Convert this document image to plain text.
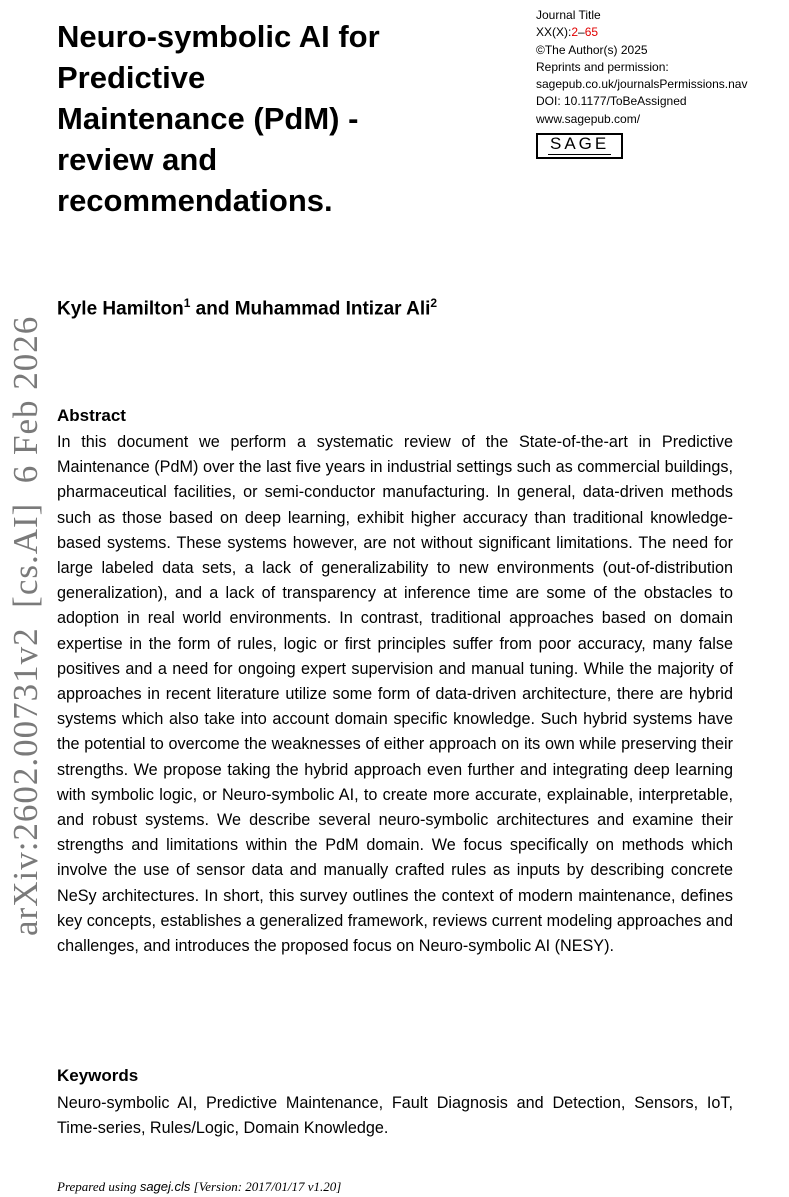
arXiv:2602.00731v2  [cs.AI]  6 Feb 2026
Neuro-symbolic AI for
Predictive
Maintenance (PdM) -
review and
recommendations.
Journal Title
XX(X):2–65
©The Author(s) 2025
Reprints and permission:
sagepub.co.uk/journalsPermissions.nav
DOI: 10.1177/ToBeAssigned
www.sagepub.com/
SAGE
Kyle Hamilton$^1$ and Muhammad Intizar Ali$^2$
Abstract
In this document we perform a systematic review of the State-of-the-art in Predictive Maintenance (PdM) over the last five years in industrial settings such as commercial buildings, pharmaceutical facilities, or semi-conductor manufacturing. In general, data-driven methods such as those based on deep learning, exhibit higher accuracy than traditional knowledge-based systems. These systems however, are not without significant limitations. The need for large labeled data sets, a lack of generalizability to new environments (out-of-distribution generalization), and a lack of transparency at inference time are some of the obstacles to adoption in real world environments. In contrast, traditional approaches based on domain expertise in the form of rules, logic or first principles suffer from poor accuracy, many false positives and a need for ongoing expert supervision and manual tuning. While the majority of approaches in recent literature utilize some form of data-driven architecture, there are hybrid systems which also take into account domain specific knowledge. Such hybrid systems have the potential to overcome the weaknesses of either approach on its own while preserving their strengths. We propose taking the hybrid approach even further and integrating deep learning with symbolic logic, or Neuro-symbolic AI, to create more accurate, explainable, interpretable, and robust systems. We describe several neuro-symbolic architectures and examine their strengths and limitations within the PdM domain. We focus specifically on methods which involve the use of sensor data and manually crafted rules as inputs by describing concrete NeSy architectures. In short, this survey outlines the context of modern maintenance, defines key concepts, establishes a generalized framework, reviews current modeling approaches and challenges, and introduces the proposed focus on Neuro-symbolic AI (NESY).
Keywords
Neuro-symbolic AI, Predictive Maintenance, Fault Diagnosis and Detection, Sensors, IoT, Time-series, Rules/Logic, Domain Knowledge.
Prepared using sagej.cls [Version: 2017/01/17 v1.20]
